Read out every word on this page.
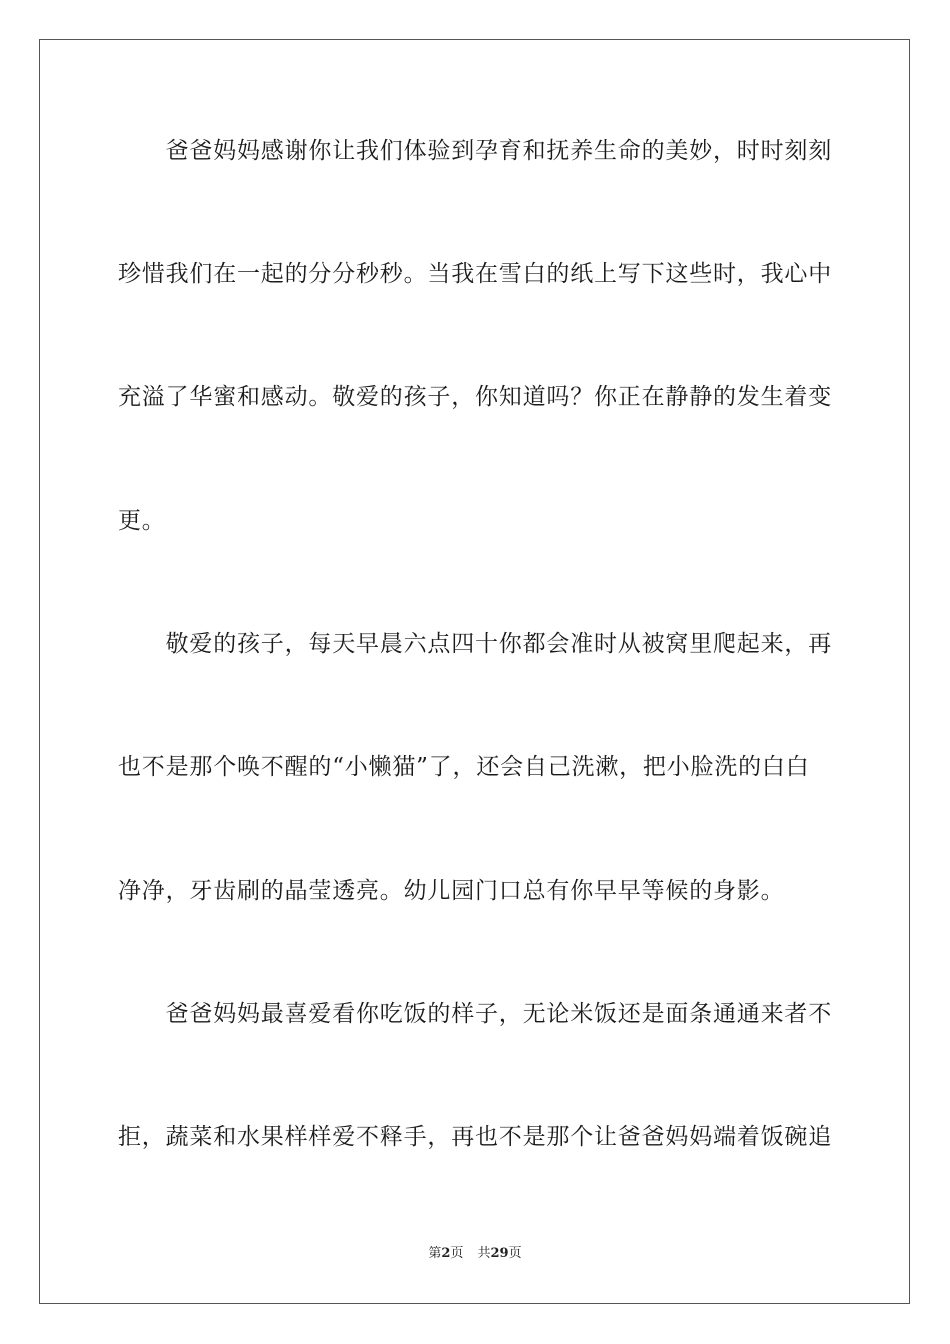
　　爸爸妈妈感谢你让我们体验到孕育和抚养生命的美妙，时时刻刻
珍惜我们在一起的分分秒秒。当我在雪白的纸上写下这些时，我心中
充溢了华蜜和感动。敬爱的孩子，你知道吗？你正在静静的发生着变
更。
　　敬爱的孩子，每天早晨六点四十你都会准时从被窝里爬起来，再
也不是那个唤不醒的“小懒猫”了，还会自己洗漱，把小脸洗的白白
净净，牙齿刷的晶莹透亮。幼儿园门口总有你早早等候的身影。
　　爸爸妈妈最喜爱看你吃饭的样子，无论米饭还是面条通通来者不
拒，蔬菜和水果样样爱不释手，再也不是那个让爸爸妈妈端着饭碗追
第2页 共29页
